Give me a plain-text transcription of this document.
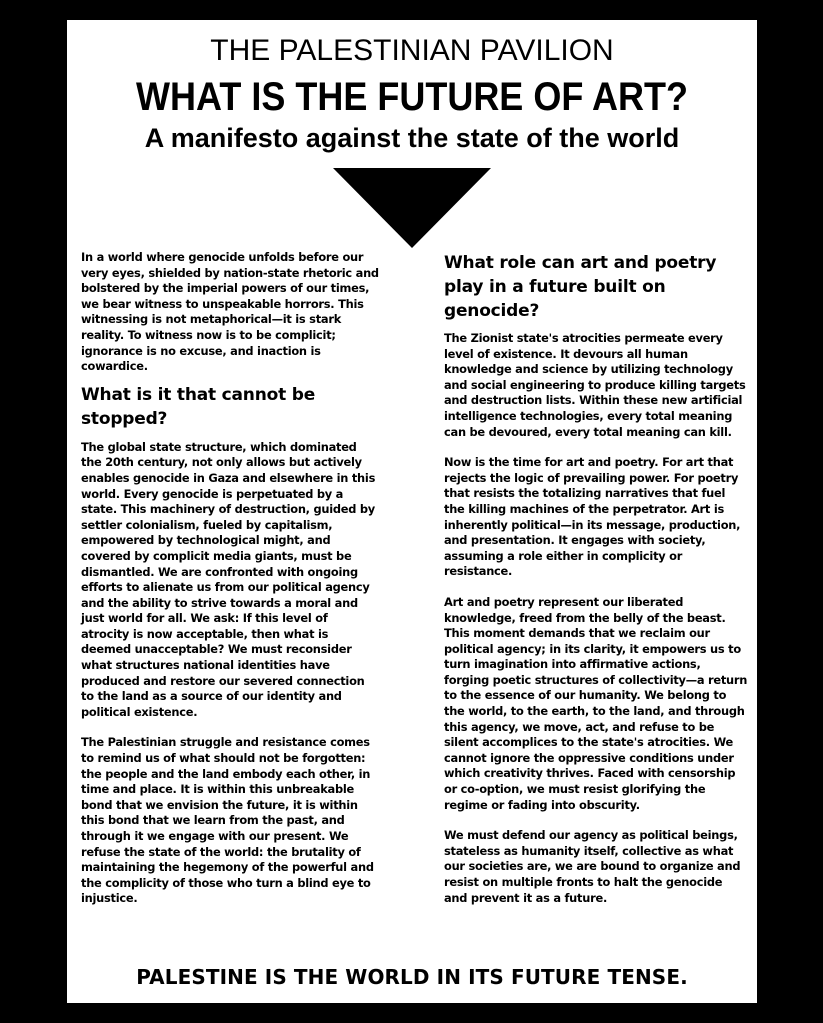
THE PALESTINIAN PAVILION
WHAT IS THE FUTURE OF ART?
A manifesto against the state of the world

In a world where genocide unfolds before our very eyes, shielded by nation-state rhetoric and bolstered by the imperial powers of our times, we bear witness to unspeakable horrors. This witnessing is not metaphorical—it is stark reality. To witness now is to be complicit; ignorance is no excuse, and inaction is cowardice.

What is it that cannot be stopped?

The global state structure, which dominated the 20th century, not only allows but actively enables genocide in Gaza and elsewhere in this world. Every genocide is perpetuated by a state. This machinery of destruction, guided by settler colonialism, fueled by capitalism, empowered by technological might, and covered by complicit media giants, must be dismantled. We are confronted with ongoing efforts to alienate us from our political agency and the ability to strive towards a moral and just world for all. We ask: If this level of atrocity is now acceptable, then what is deemed unacceptable? We must reconsider what structures national identities have produced and restore our severed connection to the land as a source of our identity and political existence.

The Palestinian struggle and resistance comes to remind us of what should not be forgotten: the people and the land embody each other, in time and place. It is within this unbreakable bond that we envision the future, it is within this bond that we learn from the past, and through it we engage with our present. We refuse the state of the world: the brutality of maintaining the hegemony of the powerful and the complicity of those who turn a blind eye to injustice.

What role can art and poetry play in a future built on genocide?

The Zionist state's atrocities permeate every level of existence. It devours all human knowledge and science by utilizing technology and social engineering to produce killing targets and destruction lists. Within these new artificial intelligence technologies, every total meaning can be devoured, every total meaning can kill.

Now is the time for art and poetry. For art that rejects the logic of prevailing power. For poetry that resists the totalizing narratives that fuel the killing machines of the perpetrator. Art is inherently political—in its message, production, and presentation. It engages with society, assuming a role either in complicity or resistance.

Art and poetry represent our liberated knowledge, freed from the belly of the beast. This moment demands that we reclaim our political agency; in its clarity, it empowers us to turn imagination into affirmative actions, forging poetic structures of collectivity—a return to the essence of our humanity. We belong to the world, to the earth, to the land, and through this agency, we move, act, and refuse to be silent accomplices to the state's atrocities. We cannot ignore the oppressive conditions under which creativity thrives. Faced with censorship or co-option, we must resist glorifying the regime or fading into obscurity.

We must defend our agency as political beings, stateless as humanity itself, collective as what our societies are, we are bound to organize and resist on multiple fronts to halt the genocide and prevent it as a future.

PALESTINE IS THE WORLD IN ITS FUTURE TENSE.
